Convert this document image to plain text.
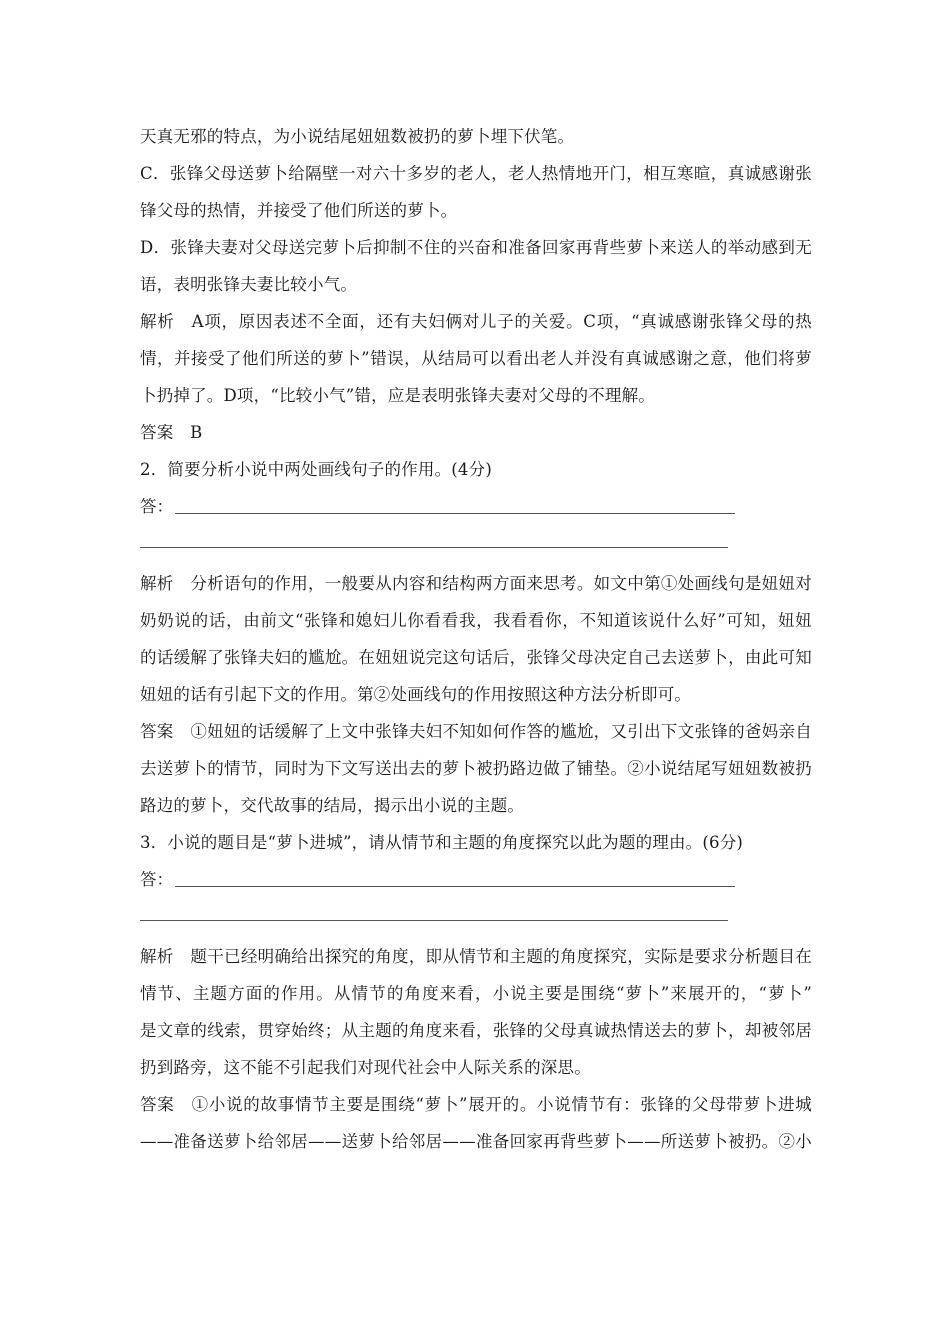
天真无邪的特点，为小说结尾妞妞数被扔的萝卜埋下伏笔。
C．张锋父母送萝卜给隔壁一对六十多岁的老人，老人热情地开门，相互寒暄，真诚感谢张
锋父母的热情，并接受了他们所送的萝卜。
D．张锋夫妻对父母送完萝卜后抑制不住的兴奋和准备回家再背些萝卜来送人的举动感到无
语，表明张锋夫妻比较小气。
解析　A项，原因表述不全面，还有夫妇俩对儿子的关爱。C项，“真诚感谢张锋父母的热
情，并接受了他们所送的萝卜”错误，从结局可以看出老人并没有真诚感谢之意，他们将萝
卜扔掉了。D项，“比较小气”错，应是表明张锋夫妻对父母的不理解。
答案　B
2．简要分析小说中两处画线句子的作用。(4分)
答：
解析　分析语句的作用，一般要从内容和结构两方面来思考。如文中第①处画线句是妞妞对
奶奶说的话，由前文“张锋和媳妇儿你看看我，我看看你，不知道该说什么好”可知，妞妞
的话缓解了张锋夫妇的尴尬。在妞妞说完这句话后，张锋父母决定自己去送萝卜，由此可知
妞妞的话有引起下文的作用。第②处画线句的作用按照这种方法分析即可。
答案　①妞妞的话缓解了上文中张锋夫妇不知如何作答的尴尬，又引出下文张锋的爸妈亲自
去送萝卜的情节，同时为下文写送出去的萝卜被扔路边做了铺垫。②小说结尾写妞妞数被扔
路边的萝卜，交代故事的结局，揭示出小说的主题。
3．小说的题目是“萝卜进城”，请从情节和主题的角度探究以此为题的理由。(6分)
答：
解析　题干已经明确给出探究的角度，即从情节和主题的角度探究，实际是要求分析题目在
情节、主题方面的作用。从情节的角度来看，小说主要是围绕“萝卜”来展开的，“萝卜”
是文章的线索，贯穿始终；从主题的角度来看，张锋的父母真诚热情送去的萝卜，却被邻居
扔到路旁，这不能不引起我们对现代社会中人际关系的深思。
答案　①小说的故事情节主要是围绕“萝卜”展开的。小说情节有：张锋的父母带萝卜进城
——准备送萝卜给邻居——送萝卜给邻居——准备回家再背些萝卜——所送萝卜被扔。②小
